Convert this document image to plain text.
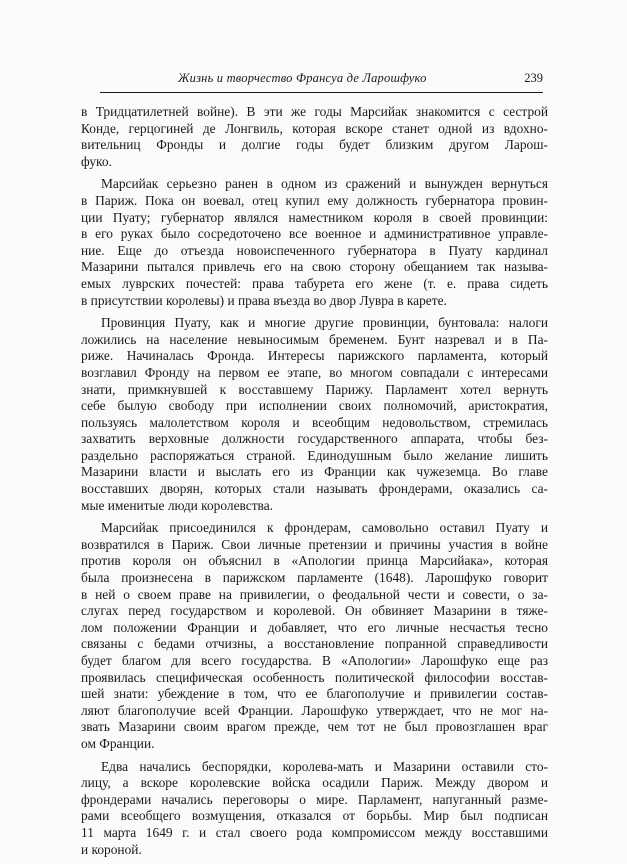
Жизнь и творчество Франсуа де Ларошфуко	239

в Тридцатилетней войне). В эти же годы Марсийак знакомится с сестрой
Конде, герцогиней де Лонгвиль, которая вскоре станет одной из вдохно-
вительниц Фронды и долгие годы будет близким другом Ларош-
фуко.

Марсийак серьезно ранен в одном из сражений и вынужден вернуться
в Париж. Пока он воевал, отец купил ему должность губернатора провин-
ции Пуату; губернатор являлся наместником короля в своей провинции:
в его руках было сосредоточено все военное и административное управле-
ние. Еще до отъезда новоиспеченного губернатора в Пуату кардинал
Мазарини пытался привлечь его на свою сторону обещанием так называ-
емых луврских почестей: права табурета его жене (т. е. права сидеть
в присутствии королевы) и права въезда во двор Лувра в карете.

Провинция Пуату, как и многие другие провинции, бунтовала: налоги
ложились на население невыносимым бременем. Бунт назревал и в Па-
риже. Начиналась Фронда. Интересы парижского парламента, который
возглавил Фронду на первом ее этапе, во многом совпадали с интересами
знати, примкнувшей к восставшему Парижу. Парламент хотел вернуть
себе былую свободу при исполнении своих полномочий, аристократия,
пользуясь малолетством короля и всеобщим недовольством, стремилась
захватить верховные должности государственного аппарата, чтобы без-
раздельно распоряжаться страной. Единодушным было желание лишить
Мазарини власти и выслать его из Франции как чужеземца. Во главе
восставших дворян, которых стали называть фрондерами, оказались са-
мые именитые люди королевства.

Марсийак присоединился к фрондерам, самовольно оставил Пуату и
возвратился в Париж. Свои личные претензии и причины участия в войне
против короля он объяснил в «Апологии принца Марсийака», которая
была произнесена в парижском парламенте (1648). Ларошфуко говорит
в ней о своем праве на привилегии, о феодальной чести и совести, о за-
слугах перед государством и королевой. Он обвиняет Мазарини в тяже-
лом положении Франции и добавляет, что его личные несчастья тесно
связаны с бедами отчизны, а восстановление попранной справедливости
будет благом для всего государства. В «Апологии» Ларошфуко еще раз
проявилась специфическая особенность политической философии восстав-
шей знати: убеждение в том, что ее благополучие и привилегии состав-
ляют благополучие всей Франции. Ларошфуко утверждает, что не мог на-
звать Мазарини своим врагом прежде, чем тот не был провозглашен враг
ом Франции.

Едва начались беспорядки, королева-мать и Мазарини оставили сто-
лицу, а вскоре королевские войска осадили Париж. Между двором и
фрондерами начались переговоры о мире. Парламент, напуганный разме-
рами всеобщего возмущения, отказался от борьбы. Мир был подписан
11 марта 1649 г. и стал своего рода компромиссом между восставшими
и короной.
